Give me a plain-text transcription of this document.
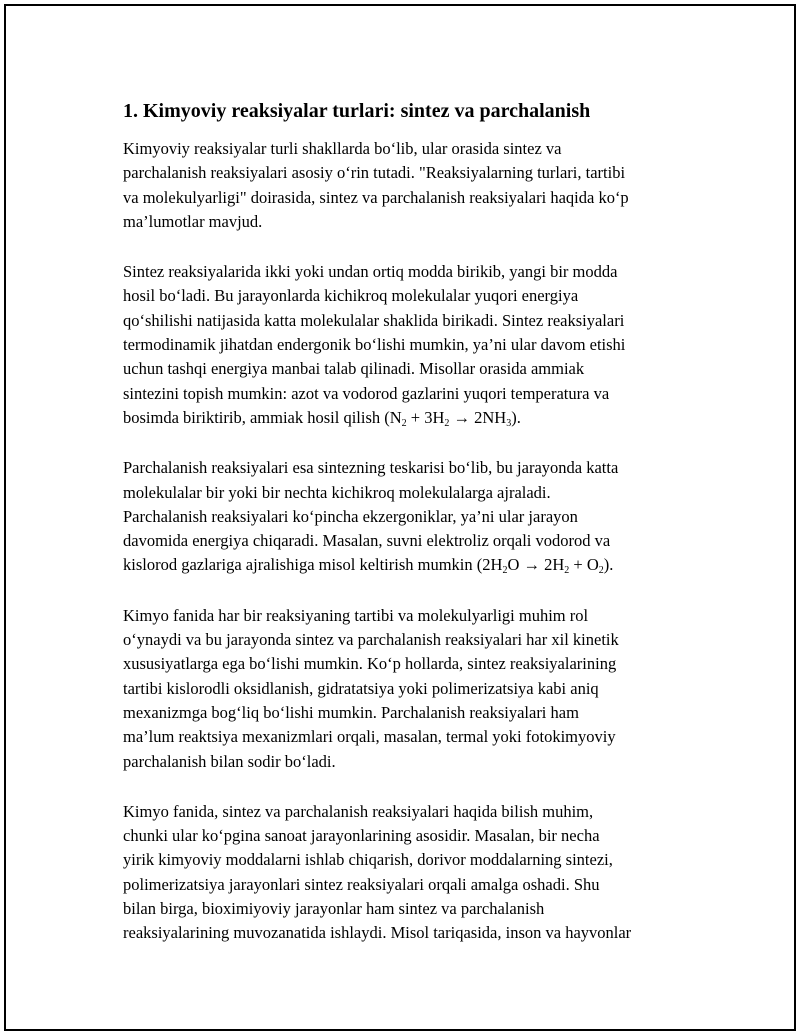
1. Kimyoviy reaksiyalar turlari: sintez va parchalanish

Kimyoviy reaksiyalar turli shakllarda bo‘lib, ular orasida sintez va
parchalanish reaksiyalari asosiy o‘rin tutadi. "Reaksiyalarning turlari, tartibi
va molekulyarligi" doirasida, sintez va parchalanish reaksiyalari haqida ko‘p
ma’lumotlar mavjud.

Sintez reaksiyalarida ikki yoki undan ortiq modda birikib, yangi bir modda
hosil bo‘ladi. Bu jarayonlarda kichikroq molekulalar yuqori energiya
qo‘shilishi natijasida katta molekulalar shaklida birikadi. Sintez reaksiyalari
termodinamik jihatdan endergonik bo‘lishi mumkin, ya’ni ular davom etishi
uchun tashqi energiya manbai talab qilinadi. Misollar orasida ammiak
sintezini topish mumkin: azot va vodorod gazlarini yuqori temperatura va
bosimda biriktirib, ammiak hosil qilish $(N_2 + 3H_2 \to 2NH_3)$.

Parchalanish reaksiyalari esa sintezning teskarisi bo‘lib, bu jarayonda katta
molekulalar bir yoki bir nechta kichikroq molekulalarga ajraladi.
Parchalanish reaksiyalari ko‘pincha ekzergoniklar, ya’ni ular jarayon
davomida energiya chiqaradi. Masalan, suvni elektroliz orqali vodorod va
kislorod gazlariga ajralishiga misol keltirish mumkin $(2H_2O \to 2H_2 + O_2)$.

Kimyo fanida har bir reaksiyaning tartibi va molekulyarligi muhim rol
o‘ynaydi va bu jarayonda sintez va parchalanish reaksiyalari har xil kinetik
xususiyatlarga ega bo‘lishi mumkin. Ko‘p hollarda, sintez reaksiyalarining
tartibi kislorodli oksidlanish, gidratatsiya yoki polimerizatsiya kabi aniq
mexanizmga bog‘liq bo‘lishi mumkin. Parchalanish reaksiyalari ham
ma’lum reaktsiya mexanizmlari orqali, masalan, termal yoki fotokimyoviy
parchalanish bilan sodir bo‘ladi.

Kimyo fanida, sintez va parchalanish reaksiyalari haqida bilish muhim,
chunki ular ko‘pgina sanoat jarayonlarining asosidir. Masalan, bir necha
yirik kimyoviy moddalarni ishlab chiqarish, dorivor moddalarning sintezi,
polimerizatsiya jarayonlari sintez reaksiyalari orqali amalga oshadi. Shu
bilan birga, bioximiyoviy jarayonlar ham sintez va parchalanish
reaksiyalarining muvozanatida ishlaydi. Misol tariqasida, inson va hayvonlar
